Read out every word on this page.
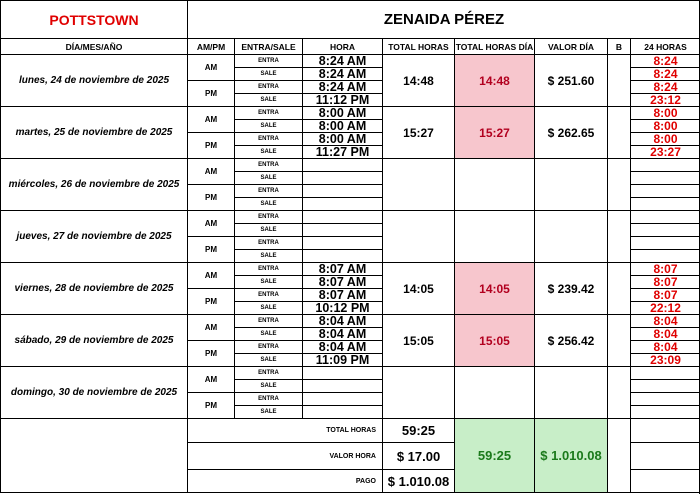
POTTSTOWN	ZENAIDA PÉREZ							
DÍA/MES/AÑO	AM/PM	ENTRA/SALE	HORA	TOTAL HORAS	TOTAL HORAS DÍA	VALOR DÍA	B	24 HORAS
lunes, 24 de noviembre de 2025	AM	ENTRA	8:24 AM	14:48	14:48	$ 251.60		8:24
		SALE	8:24 AM					8:24
	PM	ENTRA	8:24 AM					8:24
		SALE	11:12 PM					23:12
martes, 25 de noviembre de 2025	AM	ENTRA	8:00 AM	15:27	15:27	$ 262.65		8:00
		SALE	8:00 AM					8:00
	PM	ENTRA	8:00 AM					8:00
		SALE	11:27 PM					23:27
miércoles, 26 de noviembre de 2025	AM	ENTRA						
		SALE						
	PM	ENTRA						
		SALE						
jueves, 27 de noviembre de 2025	AM	ENTRA						
		SALE						
	PM	ENTRA						
		SALE						
viernes, 28 de noviembre de 2025	AM	ENTRA	8:07 AM	14:05	14:05	$ 239.42		8:07
		SALE	8:07 AM					8:07
	PM	ENTRA	8:07 AM					8:07
		SALE	10:12 PM					22:12
sábado, 29 de noviembre de 2025	AM	ENTRA	8:04 AM	15:05	15:05	$ 256.42		8:04
		SALE	8:04 AM					8:04
	PM	ENTRA	8:04 AM					8:04
		SALE	11:09 PM					23:09
domingo, 30 de noviembre de 2025	AM	ENTRA						
		SALE						
	PM	ENTRA						
		SALE						
	TOTAL HORAS			59:25	59:25	$ 1.010.08		
	VALOR HORA			$ 17.00				
	PAGO			$ 1.010.08				
